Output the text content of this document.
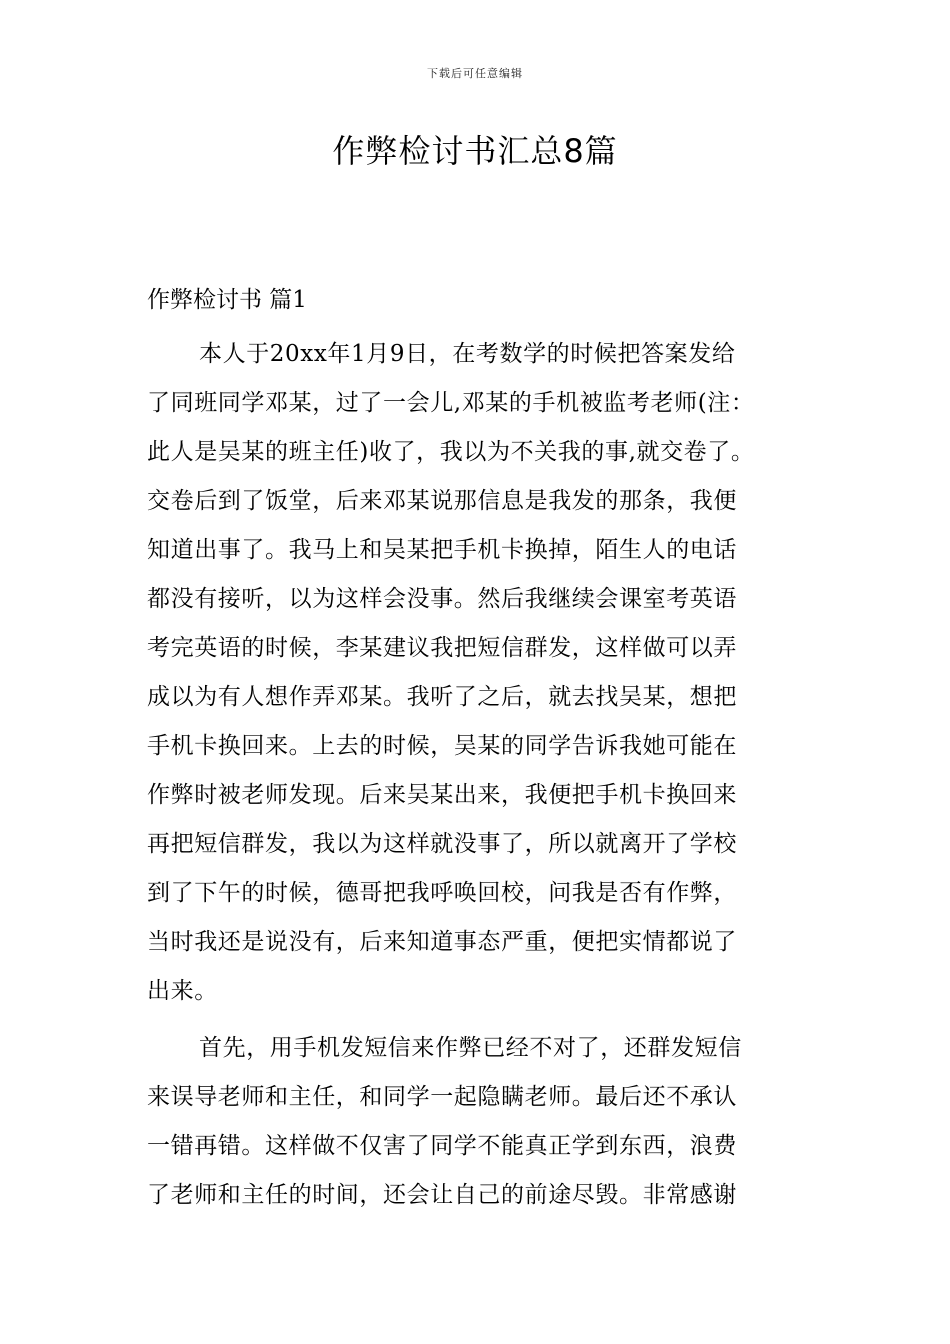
下载后可任意编辑
作弊检讨书汇总8篇
作弊检讨书 篇1
本人于20xx年1月9日，在考数学的时候把答案发给
了同班同学邓某，过了一会儿,邓某的手机被监考老师(注：
此人是吴某的班主任)收了，我以为不关我的事,就交卷了。
交卷后到了饭堂，后来邓某说那信息是我发的那条，我便
知道出事了。我马上和吴某把手机卡换掉，陌生人的电话
都没有接听，以为这样会没事。然后我继续会课室考英语
考完英语的时候，李某建议我把短信群发，这样做可以弄
成以为有人想作弄邓某。我听了之后，就去找吴某，想把
手机卡换回来。上去的时候，吴某的同学告诉我她可能在
作弊时被老师发现。后来吴某出来，我便把手机卡换回来
再把短信群发，我以为这样就没事了，所以就离开了学校
到了下午的时候，德哥把我呼唤回校，问我是否有作弊，
当时我还是说没有，后来知道事态严重，便把实情都说了
出来。
首先，用手机发短信来作弊已经不对了，还群发短信
来误导老师和主任，和同学一起隐瞒老师。最后还不承认
一错再错。这样做不仅害了同学不能真正学到东西，浪费
了老师和主任的时间，还会让自己的前途尽毁。非常感谢
